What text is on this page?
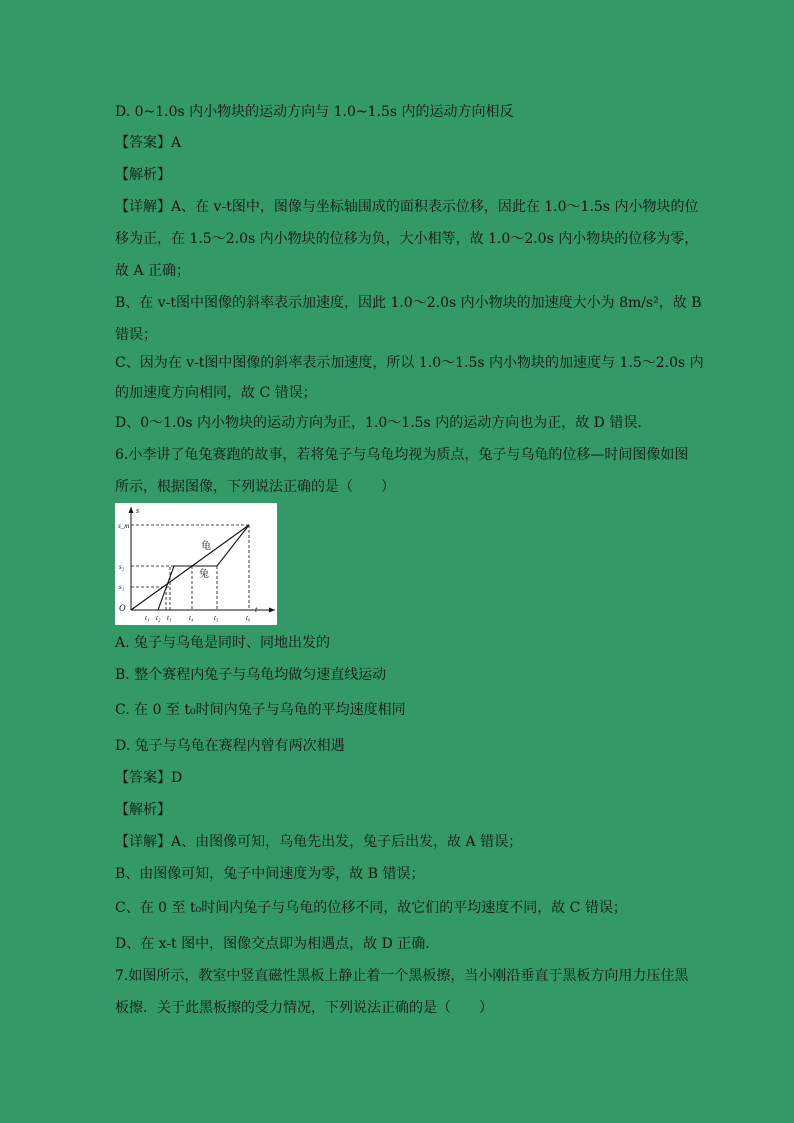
D. 0~1.0s 内小物块的运动方向与 1.0~1.5s 内的运动方向相反
【答案】A
【解析】
【详解】A、在 v-t图中，图像与坐标轴围成的面积表示位移，因此在 1.0～1.5s 内小物块的位
移为正，在 1.5～2.0s 内小物块的位移为负，大小相等，故 1.0～2.0s 内小物块的位移为零，
故 A 正确；
B、在 v-t图中图像的斜率表示加速度，因此 1.0～2.0s 内小物块的加速度大小为 8m/s²，故 B
错误；
C、因为在 v-t图中图像的斜率表示加速度，所以 1.0～1.5s 内小物块的加速度与 1.5～2.0s 内
的加速度方向相同，故 C 错误；
D、0～1.0s 内小物块的运动方向为正，1.0～1.5s 内的运动方向也为正，故 D 错误．
6.小李讲了龟兔赛跑的故事，若将兔子与乌龟均视为质点，兔子与乌龟的位移—时间图像如图
所示，根据图像，下列说法正确的是（　　）
s
t
O
s_m
s₂
s₁
t₁ t₂ t₃	t₄	t₅	t₆
龟
兔
A. 兔子与乌龟是同时、同地出发的
B. 整个赛程内兔子与乌龟均做匀速直线运动
C. 在 0 至 t₀时间内兔子与乌龟的平均速度相同
D. 兔子与乌龟在赛程内曾有两次相遇
【答案】D
【解析】
【详解】A、由图像可知，乌龟先出发，兔子后出发，故 A 错误；
B、由图像可知，兔子中间速度为零，故 B 错误；
C、在 0 至 t₀时间内兔子与乌龟的位移不同，故它们的平均速度不同，故 C 错误；
D、在 x-t 图中，图像交点即为相遇点，故 D 正确．
7.如图所示，教室中竖直磁性黑板上静止着一个黑板擦，当小刚沿垂直于黑板方向用力压住黑
板擦．关于此黑板擦的受力情况，下列说法正确的是（　　）
